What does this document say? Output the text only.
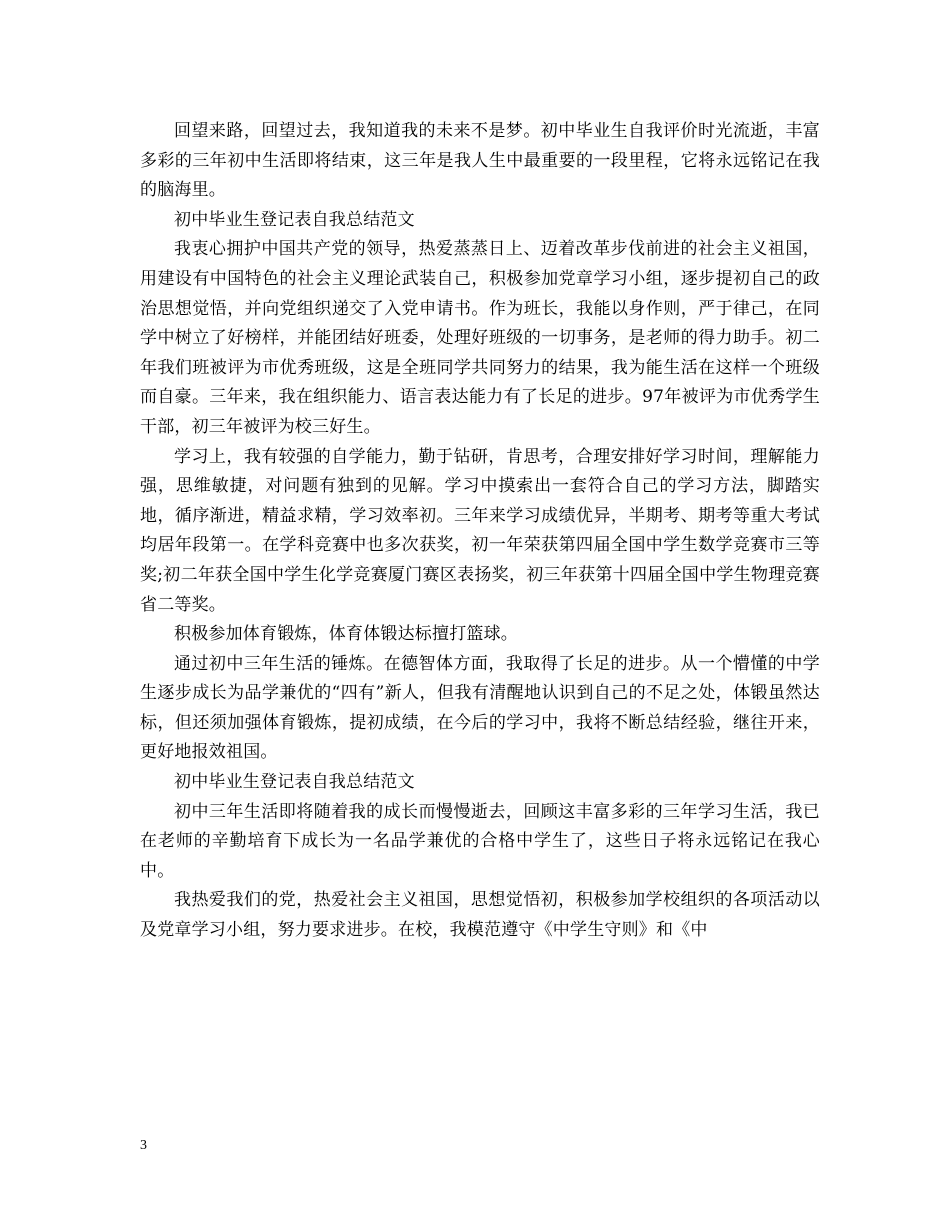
回望来路，回望过去，我知道我的未来不是梦。初中毕业生自我评价时光流逝，丰富多彩的三年初中生活即将结束，这三年是我人生中最重要的一段里程，它将永远铭记在我的脑海里。

初中毕业生登记表自我总结范文

我衷心拥护中国共产党的领导，热爱蒸蒸日上、迈着改革步伐前进的社会主义祖国，用建设有中国特色的社会主义理论武装自己，积极参加党章学习小组，逐步提初自己的政治思想觉悟，并向党组织递交了入党申请书。作为班长，我能以身作则，严于律己，在同学中树立了好榜样，并能团结好班委，处理好班级的一切事务，是老师的得力助手。初二年我们班被评为市优秀班级，这是全班同学共同努力的结果，我为能生活在这样一个班级而自豪。三年来，我在组织能力、语言表达能力有了长足的进步。97年被评为市优秀学生干部，初三年被评为校三好生。

学习上，我有较强的自学能力，勤于钻研，肯思考，合理安排好学习时间，理解能力强，思维敏捷，对问题有独到的见解。学习中摸索出一套符合自己的学习方法，脚踏实地，循序渐进，精益求精，学习效率初。三年来学习成绩优异，半期考、期考等重大考试均居年段第一。在学科竞赛中也多次获奖，初一年荣获第四届全国中学生数学竞赛市三等奖;初二年获全国中学生化学竞赛厦门赛区表扬奖，初三年获第十四届全国中学生物理竞赛省二等奖。

积极参加体育锻炼，体育体锻达标擅打篮球。

通过初中三年生活的锤炼。在德智体方面，我取得了长足的进步。从一个懵懂的中学生逐步成长为品学兼优的“四有”新人，但我有清醒地认识到自己的不足之处，体锻虽然达标，但还须加强体育锻炼，提初成绩，在今后的学习中，我将不断总结经验，继往开来，更好地报效祖国。

初中毕业生登记表自我总结范文

初中三年生活即将随着我的成长而慢慢逝去，回顾这丰富多彩的三年学习生活，我已在老师的辛勤培育下成长为一名品学兼优的合格中学生了，这些日子将永远铭记在我心中。

我热爱我们的党，热爱社会主义祖国，思想觉悟初，积极参加学校组织的各项活动以及党章学习小组，努力要求进步。在校，我模范遵守《中学生守则》和《中

3
